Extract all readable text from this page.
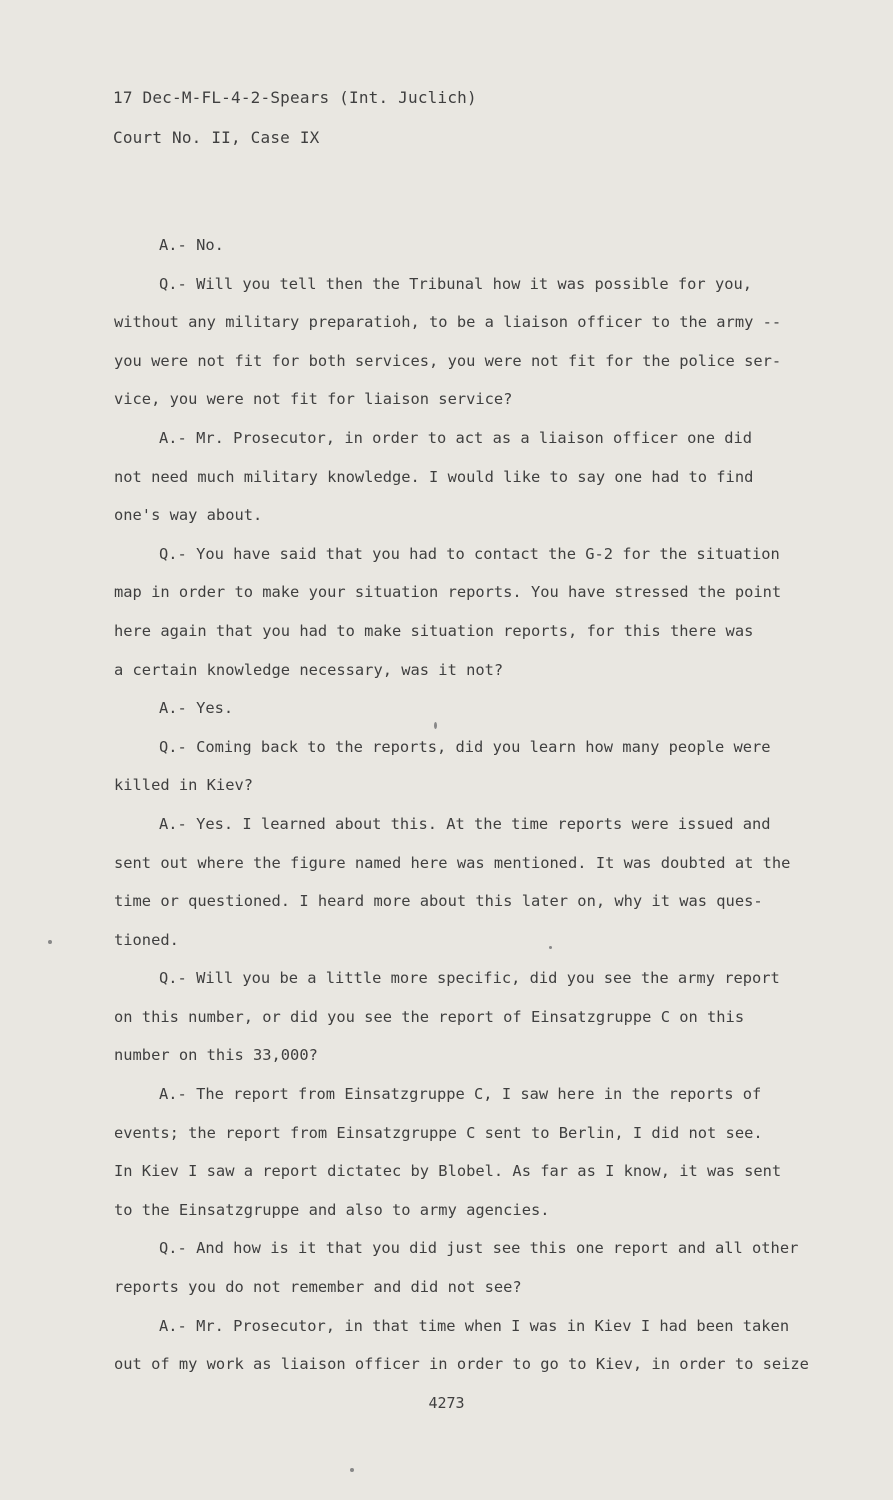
17 Dec-M-FL-4-2-Spears (Int. Juclich)
Court No. II, Case IX
A.- No.
Q.- Will you tell then the Tribunal how it was possible for you,
without any military preparatioh, to be a liaison officer to the army --
you were not fit for both services, you were not fit for the police ser-
vice, you were not fit for liaison service?
A.- Mr. Prosecutor, in order to act as a liaison officer one did
not need much military knowledge. I would like to say one had to find
one's way about.
Q.- You have said that you had to contact the G-2 for the situation
map in order to make your situation reports. You have stressed the point
here again that you had to make situation reports, for this there was
a certain knowledge necessary, was it not?
A.- Yes.
Q.- Coming back to the reports, did you learn how many people were
killed in Kiev?
A.- Yes. I learned about this. At the time reports were issued and
sent out where the figure named here was mentioned. It was doubted at the
time or questioned. I heard more about this later on, why it was ques-
tioned.
Q.- Will you be a little more specific, did you see the army report
on this number, or did you see the report of Einsatzgruppe C on this
number on this 33,000?
A.- The report from Einsatzgruppe C, I saw here in the reports of
events; the report from Einsatzgruppe C sent to Berlin, I did not see.
In Kiev I saw a report dictatec by Blobel. As far as I know, it was sent
to the Einsatzgruppe and also to army agencies.
Q.- And how is it that you did just see this one report and all other
reports you do not remember and did not see?
A.- Mr. Prosecutor, in that time when I was in Kiev I had been taken
out of my work as liaison officer in order to go to Kiev, in order to seize
4273
